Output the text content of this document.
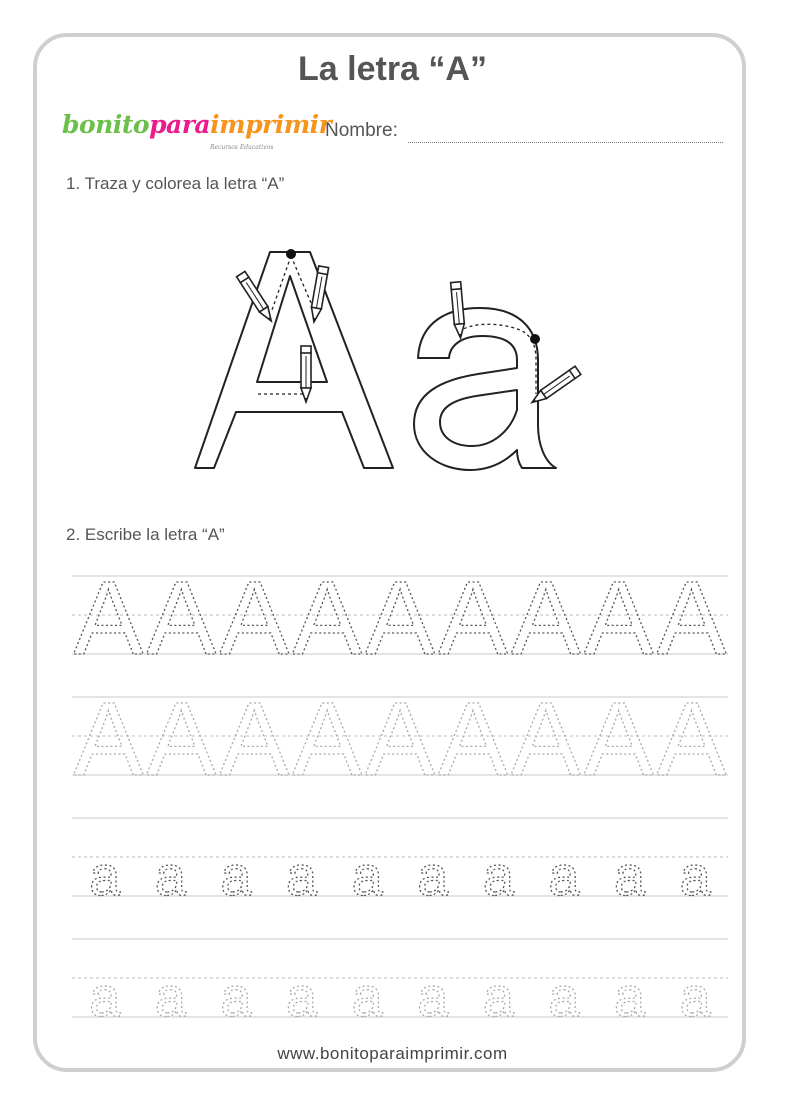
La letra “A”
bonitoparaimprimir
Recursos Educativos
Nombre:
1. Traza y colorea la letra “A”
2. Escribe la letra “A”
A A A A A A A A A
A A A A A A A A A
a a a a a a a a a a
a a a a a a a a a a
www.bonitoparaimprimir.com
